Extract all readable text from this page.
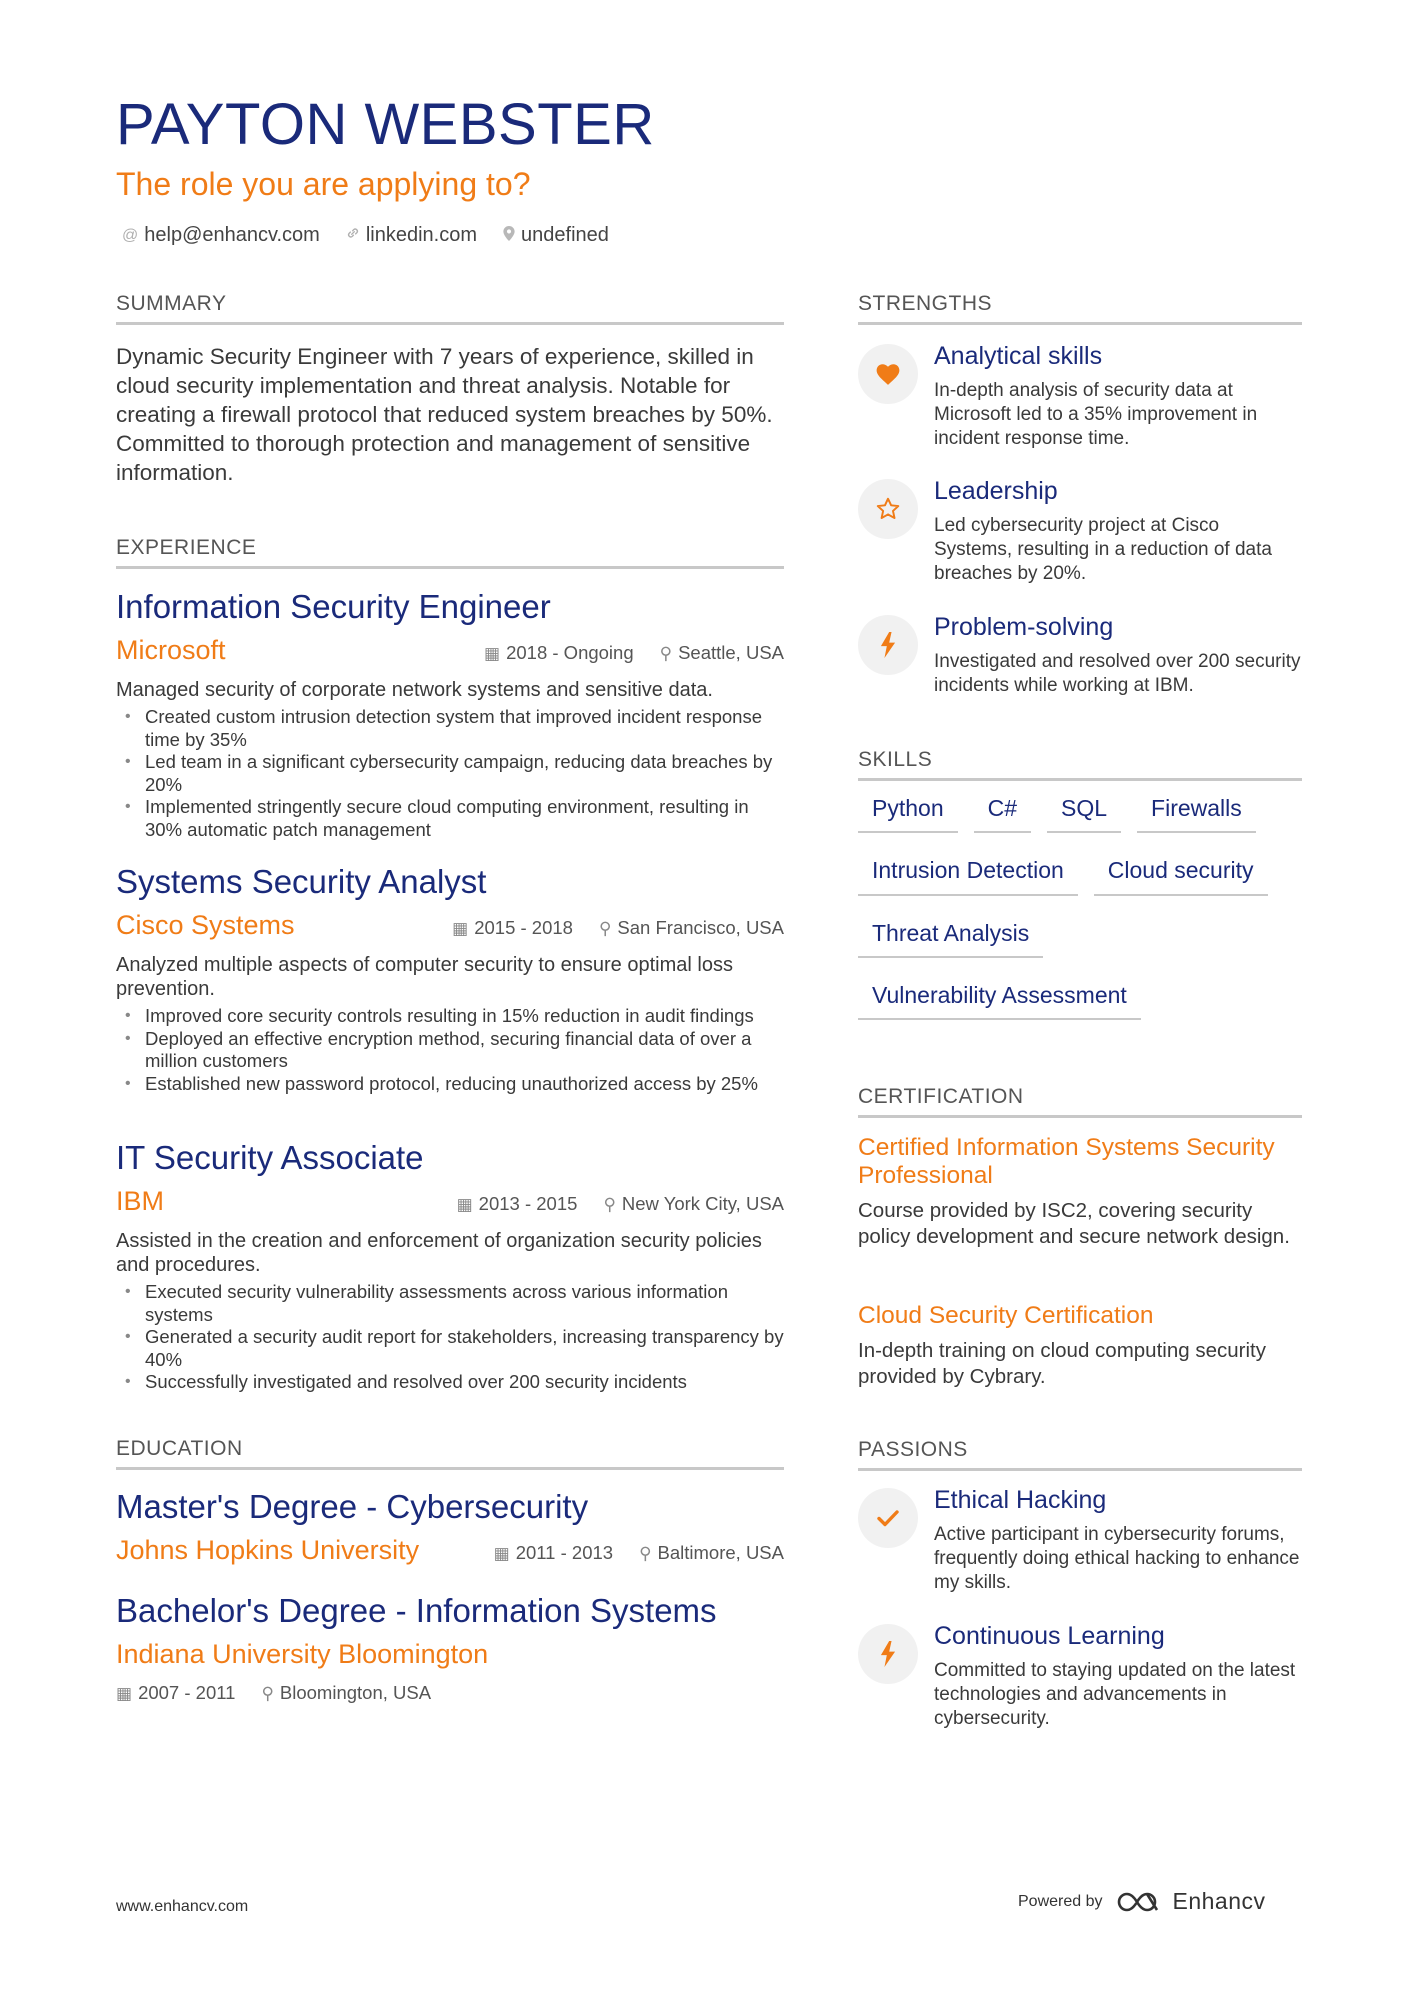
PAYTON WEBSTER
The role you are applying to?
@ help@enhancv.com linkedin.com undefined
SUMMARY
Dynamic Security Engineer with 7 years of experience, skilled in cloud security implementation and threat analysis. Notable for creating a firewall protocol that reduced system breaches by 50%. Committed to thorough protection and management of sensitive information.
EXPERIENCE
Information Security Engineer
Microsoft	▦ 2018 - Ongoing ⚲ Seattle, USA
Managed security of corporate network systems and sensitive data.
• Created custom intrusion detection system that improved incident response time by 35%
• Led team in a significant cybersecurity campaign, reducing data breaches by 20%
• Implemented stringently secure cloud computing environment, resulting in 30% automatic patch management
Systems Security Analyst
Cisco Systems	▦ 2015 - 2018 ⚲ San Francisco, USA
Analyzed multiple aspects of computer security to ensure optimal loss prevention.
• Improved core security controls resulting in 15% reduction in audit findings
• Deployed an effective encryption method, securing financial data of over a million customers
• Established new password protocol, reducing unauthorized access by 25%
IT Security Associate
IBM	▦ 2013 - 2015 ⚲ New York City, USA
Assisted in the creation and enforcement of organization security policies and procedures.
• Executed security vulnerability assessments across various information systems
• Generated a security audit report for stakeholders, increasing transparency by 40%
• Successfully investigated and resolved over 200 security incidents
EDUCATION
Master's Degree - Cybersecurity
Johns Hopkins University	▦ 2011 - 2013 ⚲ Baltimore, USA
Bachelor's Degree - Information Systems
Indiana University Bloomington
▦ 2007 - 2011 ⚲ Bloomington, USA
STRENGTHS
Analytical skills
In-depth analysis of security data at Microsoft led to a 35% improvement in incident response time.
Leadership
Led cybersecurity project at Cisco Systems, resulting in a reduction of data breaches by 20%.
Problem-solving
Investigated and resolved over 200 security incidents while working at IBM.
SKILLS
Python	C#	SQL	Firewalls
Intrusion Detection	Cloud security
Threat Analysis
Vulnerability Assessment
CERTIFICATION
Certified Information Systems Security Professional
Course provided by ISC2, covering security policy development and secure network design.
Cloud Security Certification
In-depth training on cloud computing security provided by Cybrary.
PASSIONS
Ethical Hacking
Active participant in cybersecurity forums, frequently doing ethical hacking to enhance my skills.
Continuous Learning
Committed to staying updated on the latest technologies and advancements in cybersecurity.
www.enhancv.com	Powered by	Enhancv
